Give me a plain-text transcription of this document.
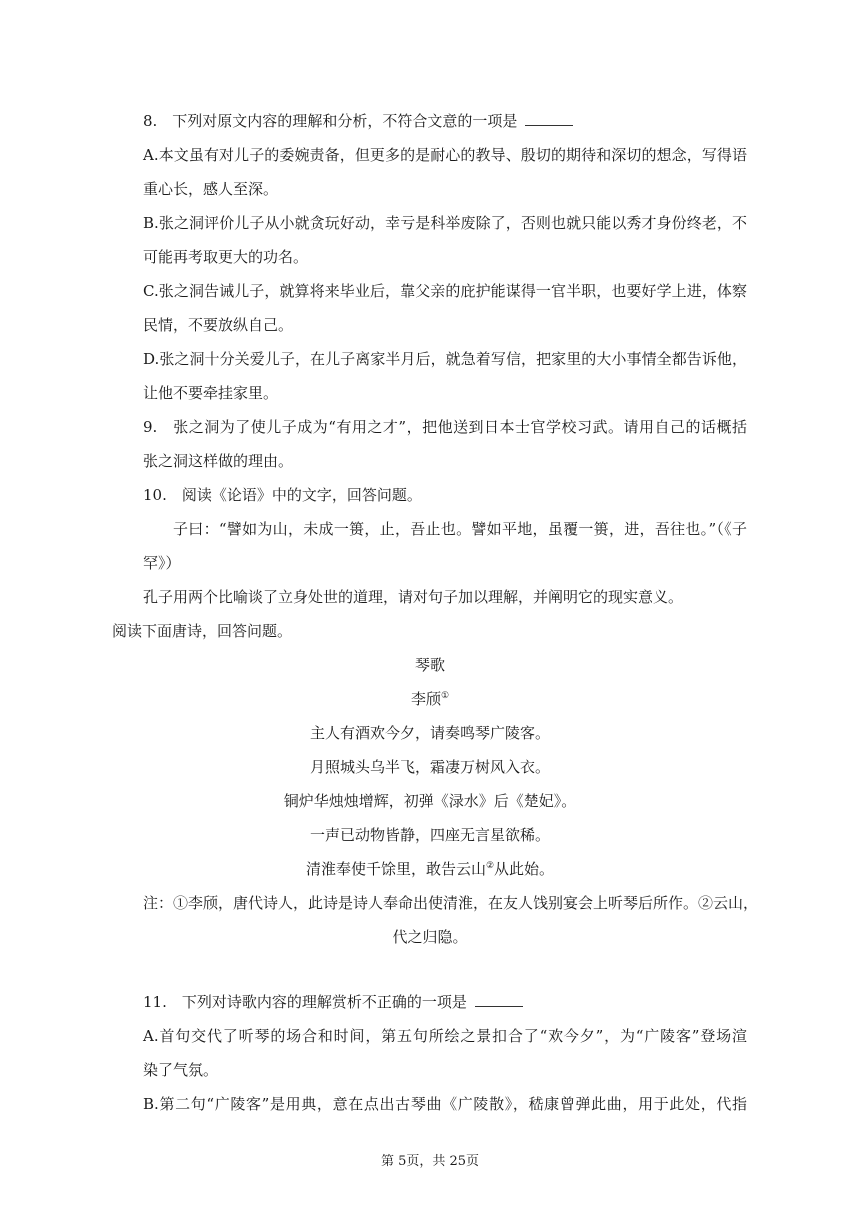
8.　下列对原文内容的理解和分析，不符合文意的一项是
A.本文虽有对儿子的委婉责备，但更多的是耐心的教导、殷切的期待和深切的想念，写得语
重心长，感人至深。
B.张之洞评价儿子从小就贪玩好动，幸亏是科举废除了，否则也就只能以秀才身份终老，不
可能再考取更大的功名。
C.张之洞告诫儿子，就算将来毕业后，靠父亲的庇护能谋得一官半职，也要好学上进，体察
民情，不要放纵自己。
D.张之洞十分关爱儿子，在儿子离家半月后，就急着写信，把家里的大小事情全都告诉他，
让他不要牵挂家里。
9.　张之洞为了使儿子成为“有用之才”，把他送到日本士官学校习武。请用自己的话概括
张之洞这样做的理由。
10.　阅读《论语》中的文字，回答问题。
子曰：“譬如为山，未成一篑，止，吾止也。譬如平地，虽覆一篑，进，吾往也。”（《子
罕》）
孔子用两个比喻谈了立身处世的道理，请对句子加以理解，并阐明它的现实意义。
阅读下面唐诗，回答问题。
琴歌
李颀①
主人有酒欢今夕，请奏鸣琴广陵客。
月照城头乌半飞，霜凄万树风入衣。
铜炉华烛烛增辉，初弹《渌水》后《楚妃》。
一声已动物皆静，四座无言星欲稀。
清淮奉使千馀里，敢告云山②从此始。
注：①李颀，唐代诗人，此诗是诗人奉命出使清淮，在友人饯别宴会上听琴后所作。②云山，
代之归隐。
11.　下列对诗歌内容的理解赏析不正确的一项是
A.首句交代了听琴的场合和时间，第五句所绘之景扣合了“欢今夕”，为“广陵客”登场渲
染了气氛。
B.第二句“广陵客”是用典，意在点出古琴曲《广陵散》，嵇康曾弹此曲，用于此处，代指
第 5页，共 25页
